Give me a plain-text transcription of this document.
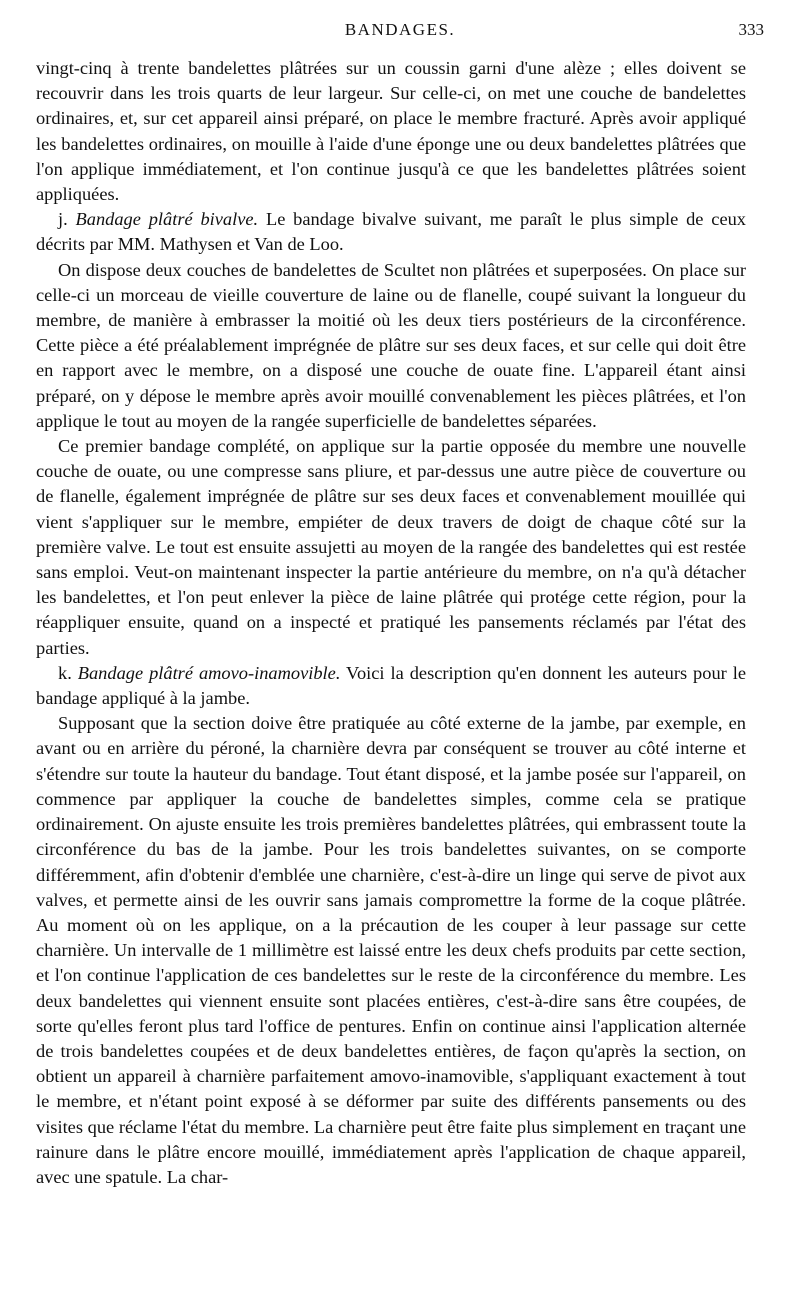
BANDAGES.	333

vingt-cinq à trente bandelettes plâtrées sur un coussin garni d'une alèze ; elles doivent se recouvrir dans les trois quarts de leur largeur. Sur celle-ci, on met une couche de bandelettes ordinaires, et, sur cet appareil ainsi préparé, on place le membre fracturé. Après avoir appliqué les bandelettes ordinaires, on mouille à l'aide d'une éponge une ou deux bandelettes plâtrées que l'on applique immédiatement, et l'on continue jusqu'à ce que les bandelettes plâtrées soient appliquées.

j. Bandage plâtré bivalve. Le bandage bivalve suivant, me paraît le plus simple de ceux décrits par MM. Mathysen et Van de Loo.

On dispose deux couches de bandelettes de Scultet non plâtrées et superposées. On place sur celle-ci un morceau de vieille couverture de laine ou de flanelle, coupé suivant la longueur du membre, de manière à embrasser la moitié où les deux tiers postérieurs de la circonférence. Cette pièce a été préalablement imprégnée de plâtre sur ses deux faces, et sur celle qui doit être en rapport avec le membre, on a disposé une couche de ouate fine. L'appareil étant ainsi préparé, on y dépose le membre après avoir mouillé convenablement les pièces plâtrées, et l'on applique le tout au moyen de la rangée superficielle de bandelettes séparées.

Ce premier bandage complété, on applique sur la partie opposée du membre une nouvelle couche de ouate, ou une compresse sans pliure, et par-dessus une autre pièce de couverture ou de flanelle, également imprégnée de plâtre sur ses deux faces et convenablement mouillée qui vient s'appliquer sur le membre, empiéter de deux travers de doigt de chaque côté sur la première valve. Le tout est ensuite assujetti au moyen de la rangée des bandelettes qui est restée sans emploi. Veut-on maintenant inspecter la partie antérieure du membre, on n'a qu'à détacher les bandelettes, et l'on peut enlever la pièce de laine plâtrée qui protége cette région, pour la réappliquer ensuite, quand on a inspecté et pratiqué les pansements réclamés par l'état des parties.

k. Bandage plâtré amovo-inamovible. Voici la description qu'en donnent les auteurs pour le bandage appliqué à la jambe.

Supposant que la section doive être pratiquée au côté externe de la jambe, par exemple, en avant ou en arrière du péroné, la charnière devra par conséquent se trouver au côté interne et s'étendre sur toute la hauteur du bandage. Tout étant disposé, et la jambe posée sur l'appareil, on commence par appliquer la couche de bandelettes simples, comme cela se pratique ordinairement. On ajuste ensuite les trois premières bandelettes plâtrées, qui embrassent toute la circonférence du bas de la jambe. Pour les trois bandelettes suivantes, on se comporte différemment, afin d'obtenir d'emblée une charnière, c'est-à-dire un linge qui serve de pivot aux valves, et permette ainsi de les ouvrir sans jamais compromettre la forme de la coque plâtrée. Au moment où on les applique, on a la précaution de les couper à leur passage sur cette charnière. Un intervalle de 1 millimètre est laissé entre les deux chefs produits par cette section, et l'on continue l'application de ces bandelettes sur le reste de la circonférence du membre. Les deux bandelettes qui viennent ensuite sont placées entières, c'est-à-dire sans être coupées, de sorte qu'elles feront plus tard l'office de pentures. Enfin on continue ainsi l'application alternée de trois bandelettes coupées et de deux bandelettes entières, de façon qu'après la section, on obtient un appareil à charnière parfaitement amovo-inamovible, s'appliquant exactement à tout le membre, et n'étant point exposé à se déformer par suite des différents pansements ou des visites que réclame l'état du membre. La charnière peut être faite plus simplement en traçant une rainure dans le plâtre encore mouillé, immédiatement après l'application de chaque appareil, avec une spatule. La char-
